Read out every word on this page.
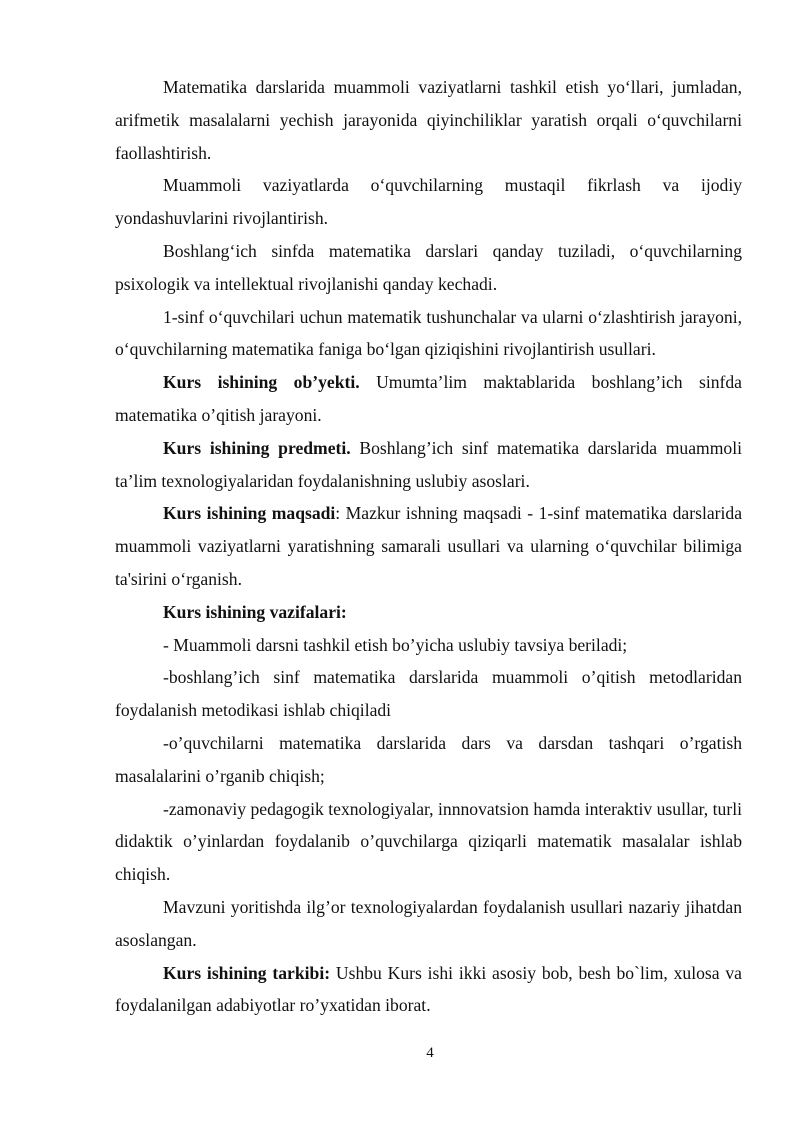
Matematika darslarida muammoli vaziyatlarni tashkil etish yo‘llari, jumladan, arifmetik masalalarni yechish jarayonida qiyinchiliklar yaratish orqali o‘quvchilarni faollashtirish.

Muammoli vaziyatlarda o‘quvchilarning mustaqil fikrlash va ijodiy yondashuvlarini rivojlantirish.

Boshlang‘ich sinfda matematika darslari qanday tuziladi, o‘quvchilarning psixologik va intellektual rivojlanishi qanday kechadi.

1-sinf o‘quvchilari uchun matematik tushunchalar va ularni o‘zlashtirish jarayoni, o‘quvchilarning matematika faniga bo‘lgan qiziqishini rivojlantirish usullari.

Kurs ishining ob’yekti. Umumta’lim maktablarida boshlang’ich sinfda matematika o’qitish jarayoni.

Kurs ishining predmeti. Boshlang’ich sinf matematika darslarida muammoli ta’lim texnologiyalaridan foydalanishning uslubiy asoslari.

Kurs ishining maqsadi: Mazkur ishning maqsadi - 1-sinf matematika darslarida muammoli vaziyatlarni yaratishning samarali usullari va ularning o‘quvchilar bilimiga ta'sirini o‘rganish.

Kurs ishining vazifalari:

- Muammoli darsni tashkil etish bo’yicha uslubiy tavsiya beriladi;

-boshlang’ich sinf matematika darslarida muammoli o’qitish metodlaridan foydalanish metodikasi ishlab chiqiladi

-o’quvchilarni matematika darslarida dars va darsdan tashqari o’rgatish masalalarini o’rganib chiqish;

-zamonaviy pedagogik texnologiyalar, innnovatsion hamda interaktiv usullar, turli didaktik o’yinlardan foydalanib o’quvchilarga qiziqarli matematik masalalar ishlab chiqish.

Mavzuni yoritishda ilg’or texnologiyalardan foydalanish usullari nazariy jihatdan asoslangan.

Kurs ishining tarkibi: Ushbu Kurs ishi ikki asosiy bob, besh bo`lim, xulosa va foydalanilgan adabiyotlar ro’yxatidan iborat.

4
